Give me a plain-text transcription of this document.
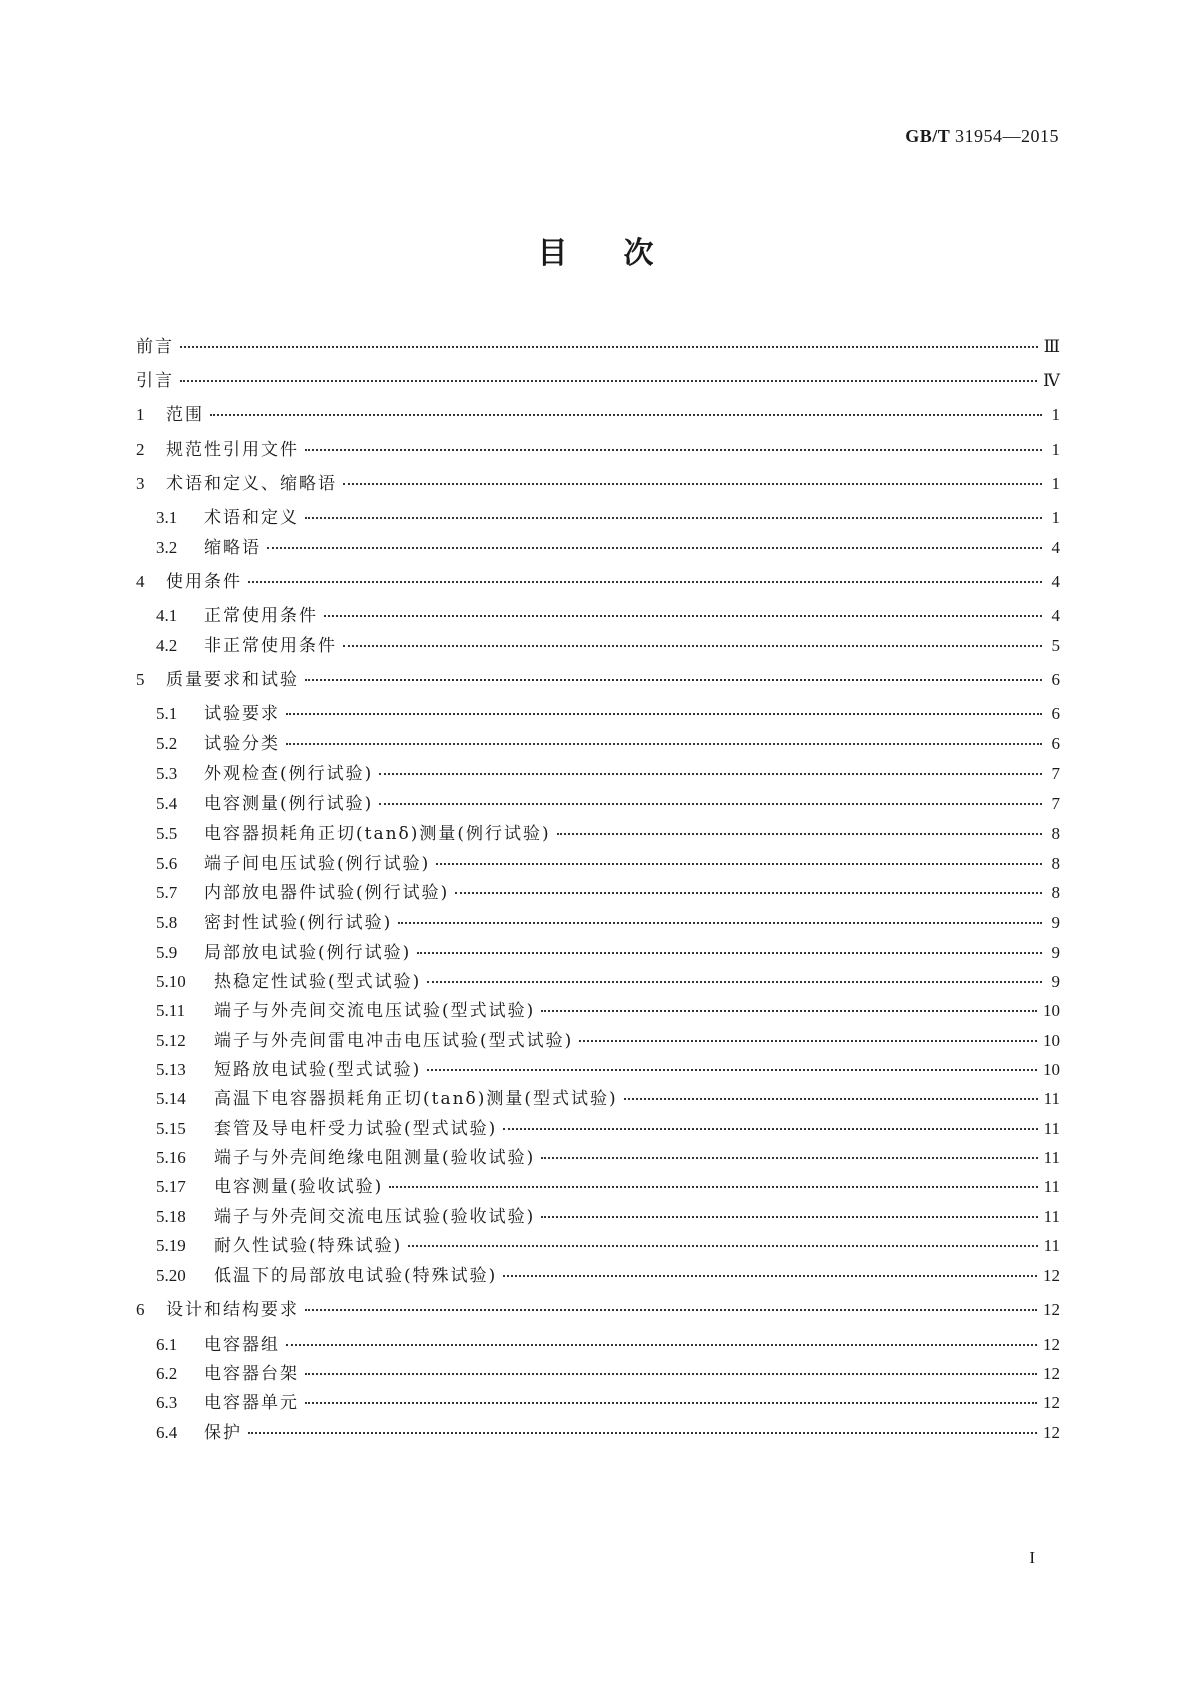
GB/T 31954—2015
目次
前言	Ⅲ
引言	Ⅳ
1	范围	1
2	规范性引用文件	1
3	术语和定义、缩略语	1
3.1	术语和定义	1
3.2	缩略语	4
4	使用条件	4
4.1	正常使用条件	4
4.2	非正常使用条件	5
5	质量要求和试验	6
5.1	试验要求	6
5.2	试验分类	6
5.3	外观检查(例行试验)	7
5.4	电容测量(例行试验)	7
5.5	电容器损耗角正切(tanδ)测量(例行试验)	8
5.6	端子间电压试验(例行试验)	8
5.7	内部放电器件试验(例行试验)	8
5.8	密封性试验(例行试验)	9
5.9	局部放电试验(例行试验)	9
5.10	热稳定性试验(型式试验)	9
5.11	端子与外壳间交流电压试验(型式试验)	10
5.12	端子与外壳间雷电冲击电压试验(型式试验)	10
5.13	短路放电试验(型式试验)	10
5.14	高温下电容器损耗角正切(tanδ)测量(型式试验)	11
5.15	套管及导电杆受力试验(型式试验)	11
5.16	端子与外壳间绝缘电阻测量(验收试验)	11
5.17	电容测量(验收试验)	11
5.18	端子与外壳间交流电压试验(验收试验)	11
5.19	耐久性试验(特殊试验)	11
5.20	低温下的局部放电试验(特殊试验)	12
6	设计和结构要求	12
6.1	电容器组	12
6.2	电容器台架	12
6.3	电容器单元	12
6.4	保护	12
I
